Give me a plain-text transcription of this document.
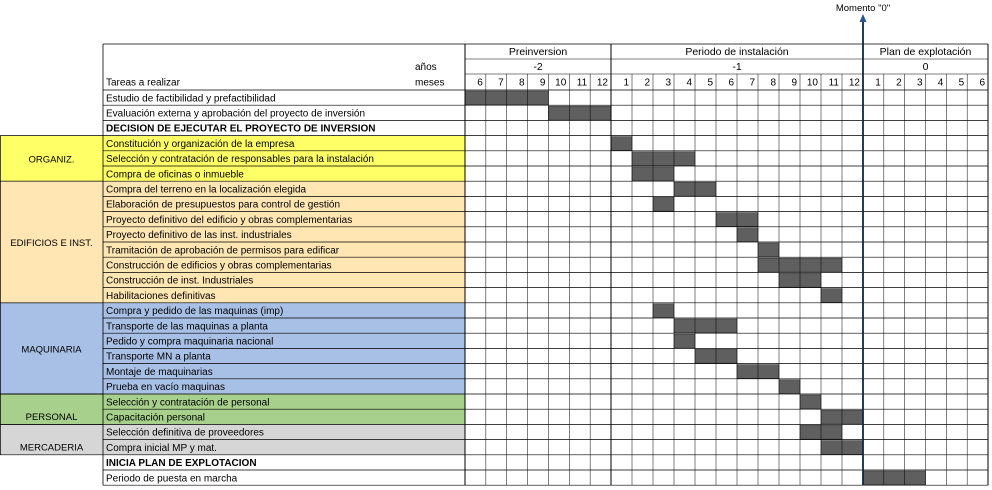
Preinversion
-2
Periodo de instalación
-1
Plan de explotación
0
6 7 8 9 10 11 12 1 2 3 4 5 6 7 8 9 10 11 12 1 2 3 4 5 6
años
meses
Tareas a realizar
Estudio de factibilidad y prefactibilidad
Evaluación externa y aprobación del proyecto de inversión
DECISION DE EJECUTAR EL PROYECTO DE INVERSION
Constitución y organización de la empresa
Selección y contratación de responsables para la instalación
Compra de oficinas o inmueble
Compra del terreno en la localización elegida
Elaboración de presupuestos para control de gestión
Proyecto definitivo del edificio y obras complementarias
Proyecto definitivo de las inst. industriales
Tramitación de aprobación de permisos para edificar
Construcción de edificios y obras complementarias
Construcción de inst. Industriales
Habilitaciones definitivas
Compra y pedido de las maquinas (imp)
Transporte de las maquinas a planta
Pedido y compra maquinaria nacional
Transporte MN a planta
Montaje de maquinarias
Prueba en vacío maquinas
Selección y contratación de personal
Capacitación personal
Selección definitiva de proveedores
Compra inicial MP y mat.
INICIA PLAN DE EXPLOTACION
Periodo de puesta en marcha
ORGANIZ.
EDIFICIOS E INST.
MAQUINARIA
PERSONAL
MERCADERIA
Momento "0"
